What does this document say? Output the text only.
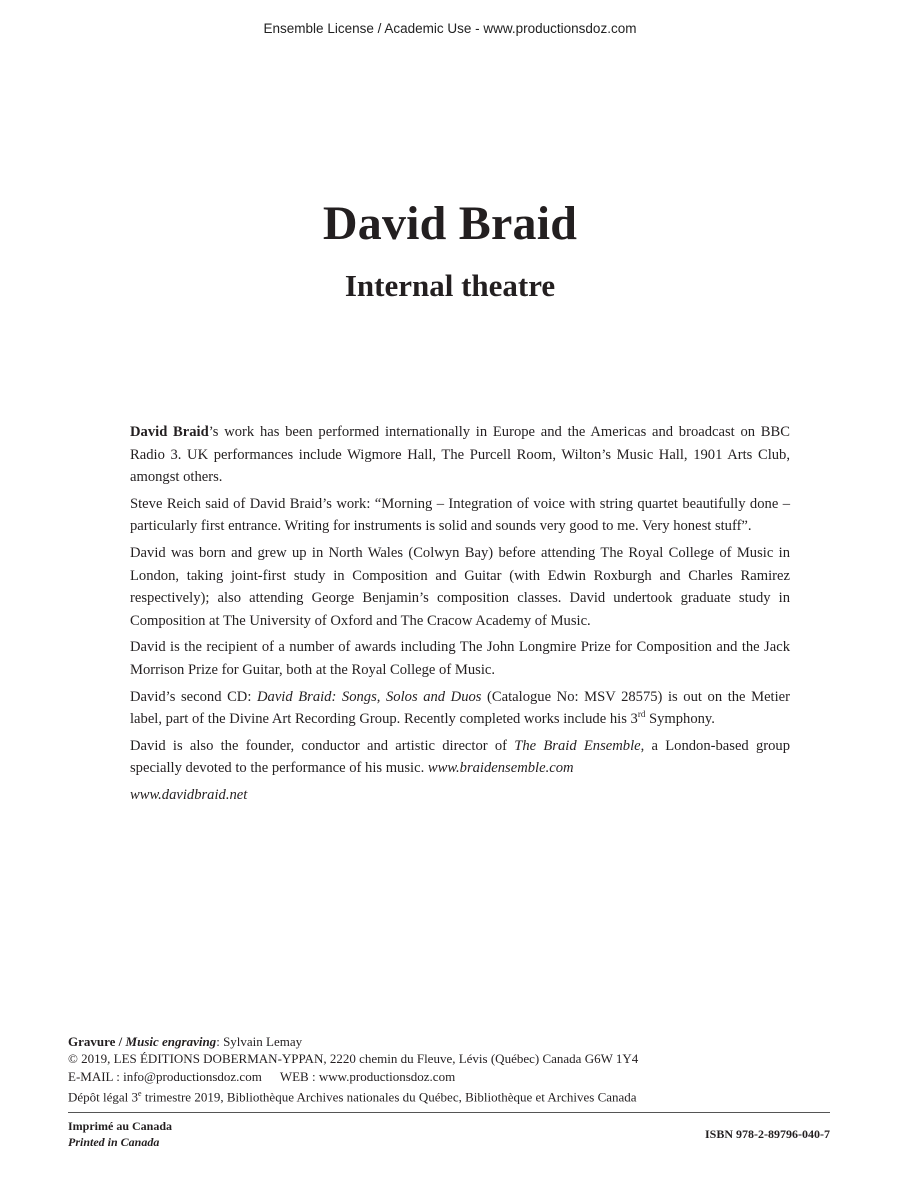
Ensemble License / Academic Use - www.productionsdoz.com
David Braid
Internal theatre

David Braid’s work has been performed internationally in Europe and the Americas and broadcast on BBC Radio 3. UK performances include Wigmore Hall, The Purcell Room, Wilton’s Music Hall, 1901 Arts Club, amongst others.

Steve Reich said of David Braid’s work: “Morning – Integration of voice with string quartet beautifully done – particularly first entrance. Writing for instruments is solid and sounds very good to me. Very honest stuff”.

David was born and grew up in North Wales (Colwyn Bay) before attending The Royal College of Music in London, taking joint-first study in Composition and Guitar (with Edwin Roxburgh and Charles Ramirez respectively); also attending George Benjamin’s composition classes. David undertook graduate study in Composition at The University of Oxford and The Cracow Academy of Music.

David is the recipient of a number of awards including The John Longmire Prize for Composition and the Jack Morrison Prize for Guitar, both at the Royal College of Music.

David’s second CD: David Braid: Songs, Solos and Duos (Catalogue No: MSV 28575) is out on the Metier label, part of the Divine Art Recording Group. Recently completed works include his 3rd Symphony.

David is also the founder, conductor and artistic director of The Braid Ensemble, a London-based group specially devoted to the performance of his music. www.braidensemble.com

www.davidbraid.net

Gravure / Music engraving: Sylvain Lemay
© 2019, LES ÉDITIONS DOBERMAN-YPPAN, 2220 chemin du Fleuve, Lévis (Québec) Canada G6W 1Y4
E-MAIL : info@productionsdoz.com WEB : www.productionsdoz.com
Dépôt légal 3e trimestre 2019, Bibliothèque Archives nationales du Québec, Bibliothèque et Archives Canada
Imprimé au Canada
Printed in Canada
ISBN 978-2-89796-040-7
